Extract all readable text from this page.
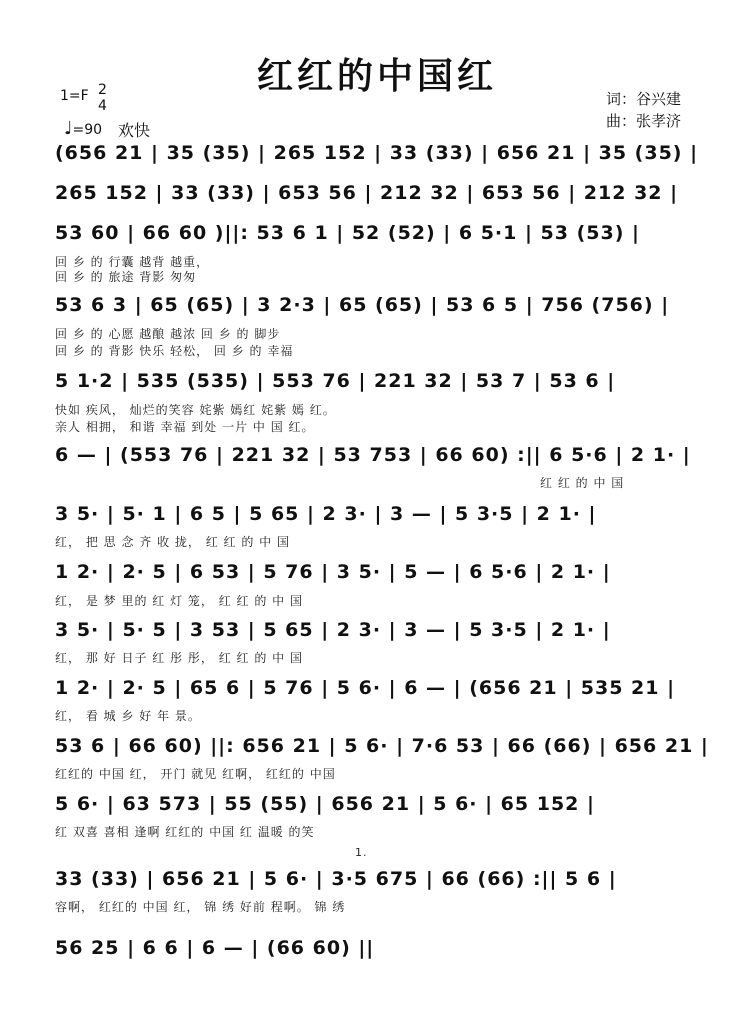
红红的中国红
1=F 2
4
♩=90 欢快
词：谷兴建
曲：张孝济
(656 21 | 35 (35) | 265 152 | 33 (33) | 656 21 | 35 (35) |
265 152 | 33 (33) | 653 56 | 212 32 | 653 56 | 212 32 |
53 60 | 66 60 )||: 53 6 1 | 52 (52) | 6 5·1 | 53 (53) |
回 乡 的 行囊 越背 越重，
回 乡 的 旅途 背影 匆匆
53 6 3 | 65 (65) | 3 2·3 | 65 (65) | 53 6 5 | 756 (756) |
回 乡 的 心愿 越酿 越浓 回 乡 的 脚步
回 乡 的 背影 快乐 轻松， 回 乡 的 幸福
5 1·2 | 535 (535) | 553 76 | 221 32 | 53 7 | 53 6 |
快如 疾风， 灿烂的笑容 姹紫 嫣红 姹紫 嫣 红。
亲人 相拥， 和谐 幸福 到处 一片 中 国 红。
6 — | (553 76 | 221 32 | 53 753 | 66 60) :|| 6 5·6 | 2 1· |
红 红 的 中 国
3 5· | 5· 1 | 6 5 | 5 65 | 2 3· | 3 — | 5 3·5 | 2 1· |
红， 把 思 念 齐 收 拢， 红 红 的 中 国
1 2· | 2· 5 | 6 53 | 5 76 | 3 5· | 5 — | 6 5·6 | 2 1· |
红， 是 梦 里的 红 灯 笼， 红 红 的 中 国
3 5· | 5· 5 | 3 53 | 5 65 | 2 3· | 3 — | 5 3·5 | 2 1· |
红， 那 好 日子 红 彤 彤， 红 红 的 中 国
1 2· | 2· 5 | 65 6 | 5 76 | 5 6· | 6 — | (656 21 | 535 21 |
红， 看 城 乡 好 年 景。
53 6 | 66 60) ||: 656 21 | 5 6· | 7·6 53 | 66 (66) | 656 21 |
红红的 中国 红， 开门 就见 红啊， 红红的 中国
5 6· | 63 573 | 55 (55) | 656 21 | 5 6· | 65 152 |
红 双喜 喜相 逢啊 红红的 中国 红 温暖 的笑
1.
33 (33) | 656 21 | 5 6· | 3·5 675 | 66 (66) :|| 5 6 |
容啊， 红红的 中国 红， 锦 绣 好前 程啊。 锦 绣
56 25 | 6 6 | 6 — | (66 60) ||
